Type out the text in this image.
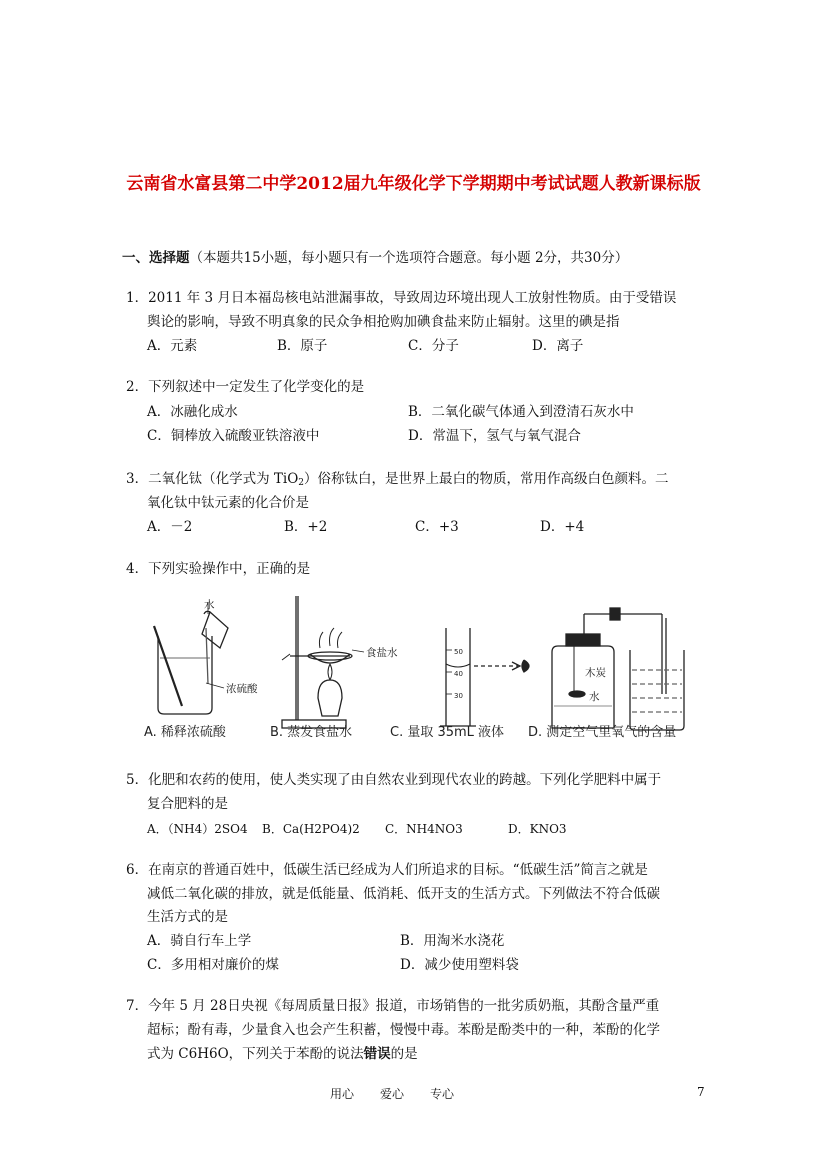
云南省水富县第二中学2012届九年级化学下学期期中考试试题人教新课标版
一、选择题（本题共15小题，每小题只有一个选项符合题意。每小题 2分，共30分）
1．2011 年 3 月日本福岛核电站泄漏事故，导致周边环境出现人工放射性物质。由于受错误
舆论的影响，导致不明真象的民众争相抢购加碘食盐来防止辐射。这里的碘是指
A．元素	B．原子	C．分子	D．离子
2．下列叙述中一定发生了化学变化的是
A．冰融化成水	B．二氧化碳气体通入到澄清石灰水中
C．铜棒放入硫酸亚铁溶液中	D．常温下，氢气与氧气混合
3．二氧化钛（化学式为 TiO$_2$）俗称钛白，是世界上最白的物质，常用作高级白色颜料。二
氧化钛中钛元素的化合价是
A．－2	B．+2	C．+3	D．+4
4．下列实验操作中，正确的是
水
浓硫酸
食盐水
木炭
水
50
40
30
A. 稀释浓硫酸	B. 蒸发食盐水	C. 量取 35mL 液体 D. 测定空气里氧气的含量
5．化肥和农药的使用，使人类实现了由自然农业到现代农业的跨越。下列化学肥料中属于
复合肥料的是
A．（NH4）2SO4 B．Ca(H2PO4)2 C．NH4NO3	D．KNO3
6．在南京的普通百姓中，低碳生活已经成为人们所追求的目标。“低碳生活”简言之就是
减低二氧化碳的排放，就是低能量、低消耗、低开支的生活方式。下列做法不符合低碳
生活方式的是
A．骑自行车上学	B．用淘米水浇花
C．多用相对廉价的煤	D．减少使用塑料袋
7．今年 5 月 28日央视《每周质量日报》报道，市场销售的一批劣质奶瓶，其酚含量严重
超标；酚有毒，少量食入也会产生积蓄，慢慢中毒。苯酚是酚类中的一种，苯酚的化学
式为 C6H6O，下列关于苯酚的说法错误的是
用心 爱心 专心	7
